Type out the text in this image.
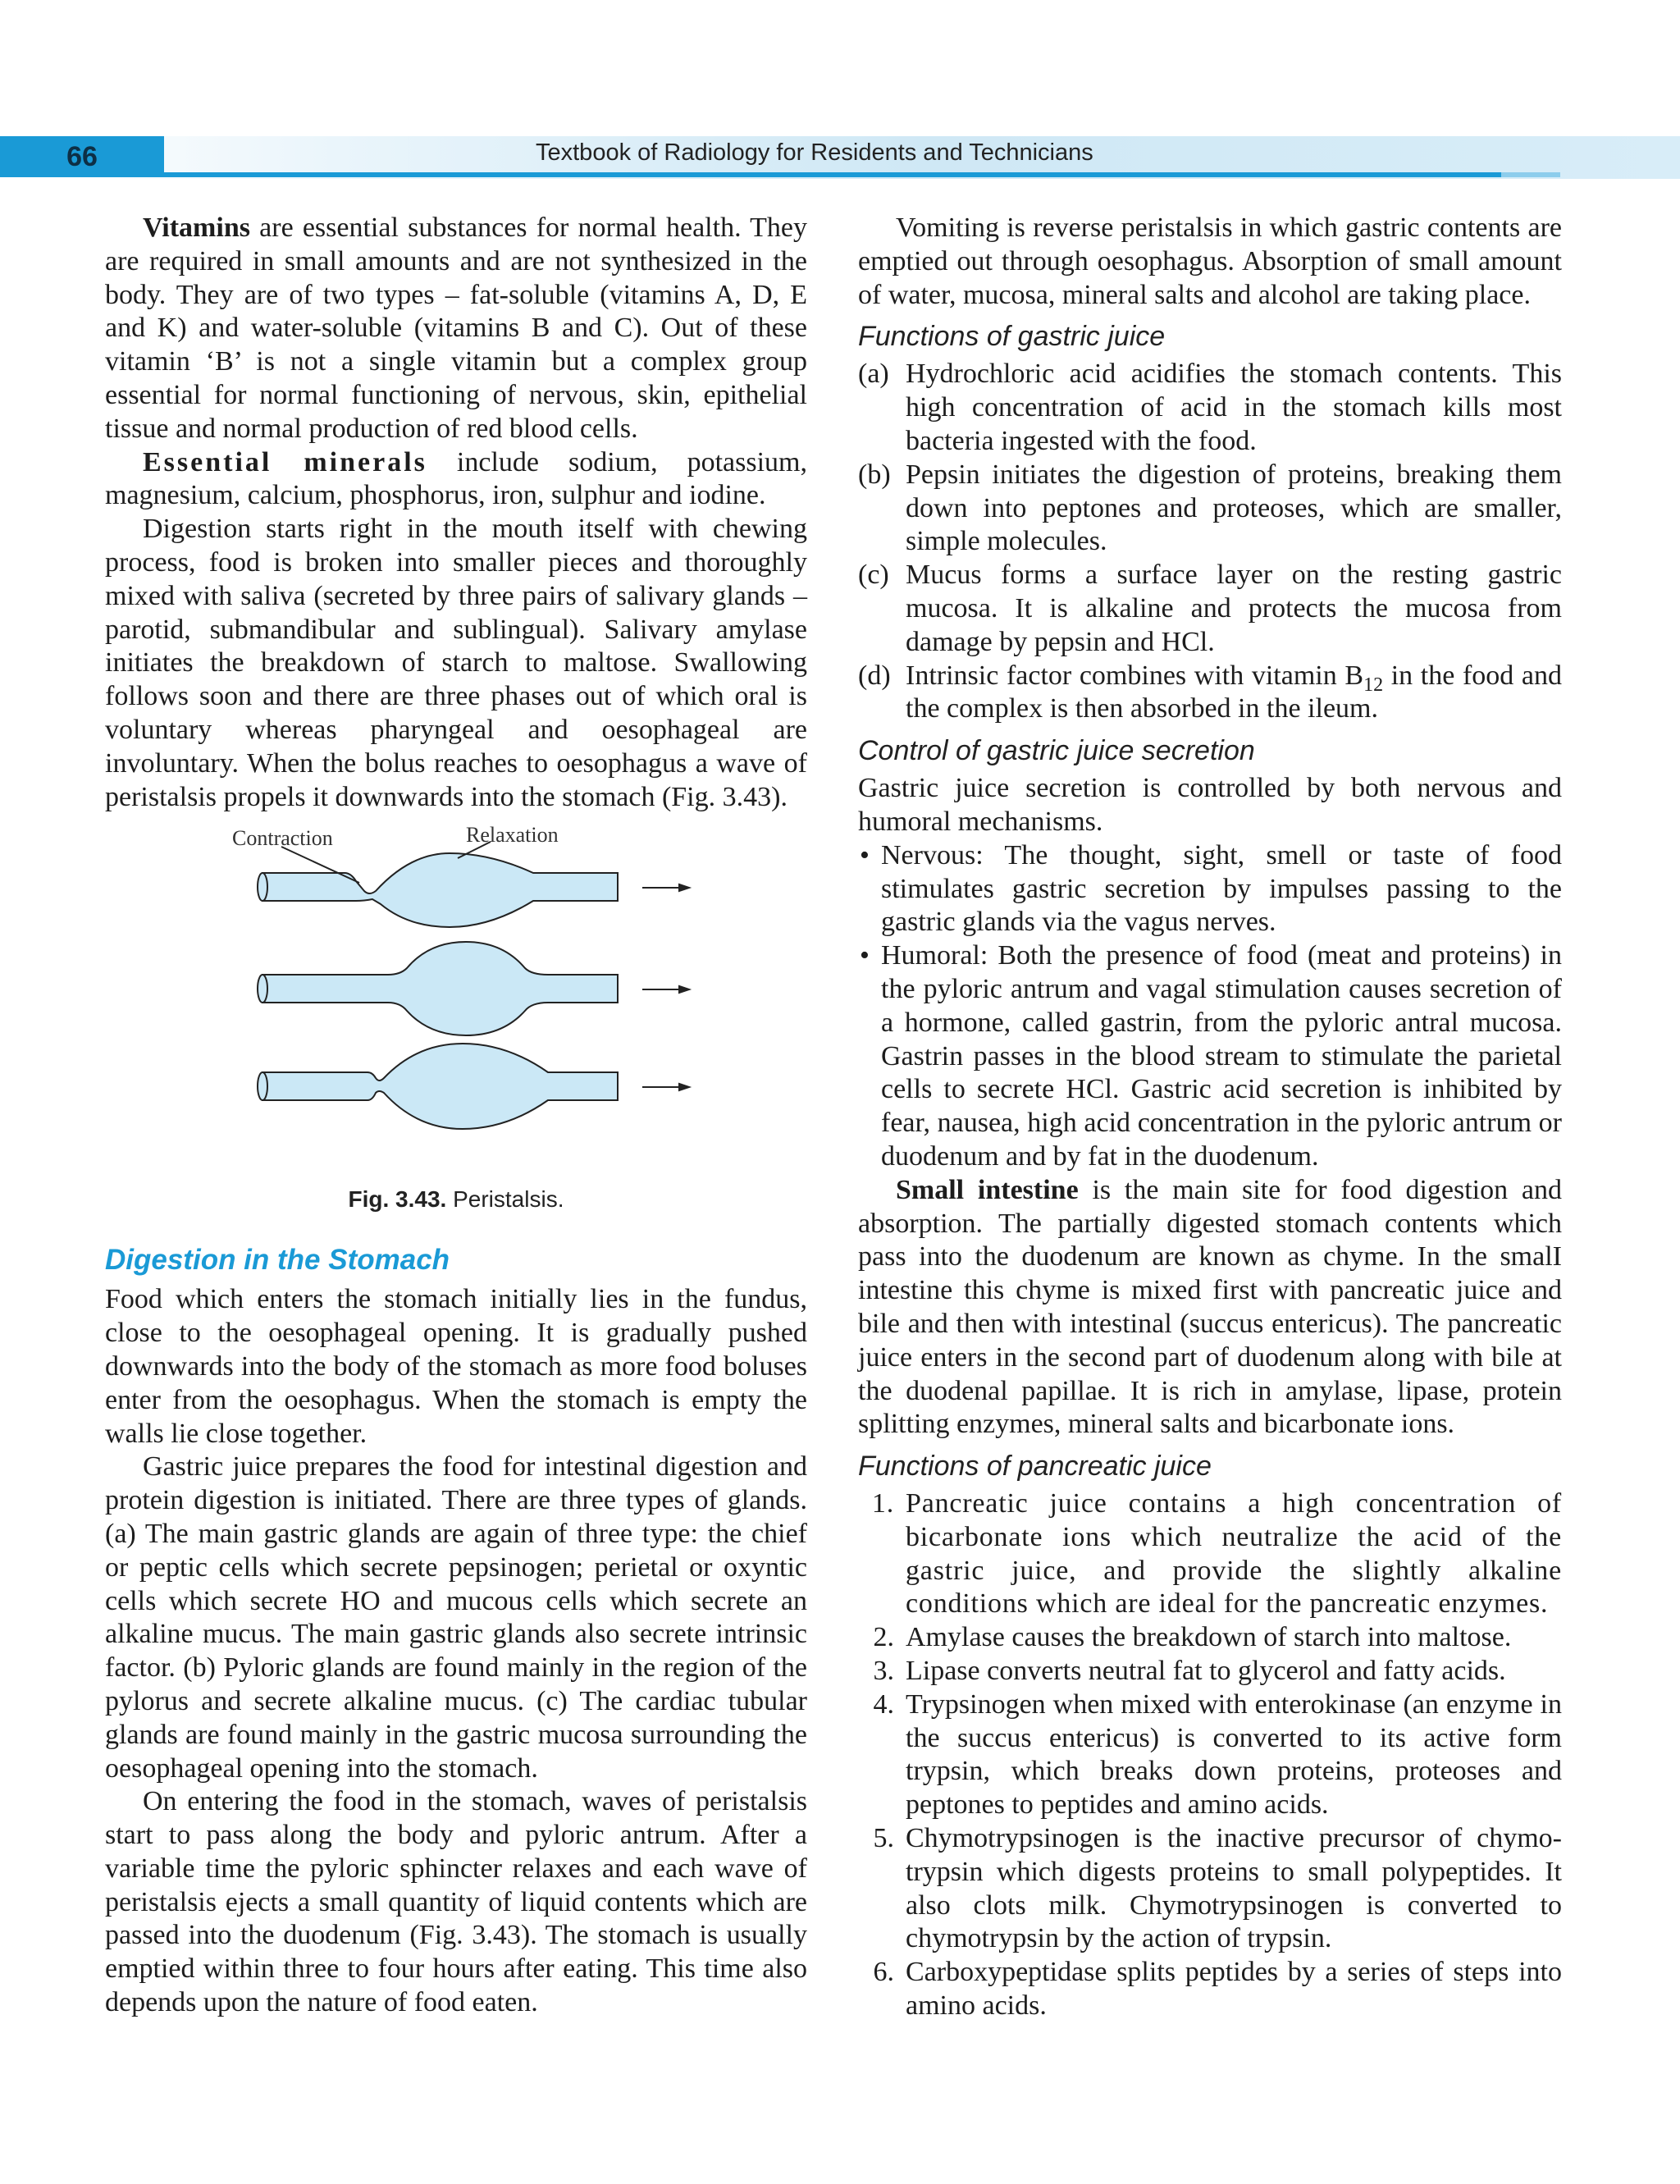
66	Textbook of Radiology for Residents and Technicians

Vitamins are essential substances for normal health. They are required in small amounts and are not synthesized in the body. They are of two types – fat-soluble (vitamins A, D, E and K) and water-soluble (vitamins B and C). Out of these vitamin ‘B’ is not a single vitamin but a complex group essential for normal functioning of nervous, skin, epithelial tissue and normal production of red blood cells.

Essential minerals include sodium, potassium, magnesium, calcium, phosphorus, iron, sulphur and iodine.

Digestion starts right in the mouth itself with chewing process, food is broken into smaller pieces and thoroughly mixed with saliva (secreted by three pairs of salivary glands – parotid, submandibular and sublingual). Salivary amylase initiates the breakdown of starch to maltose. Swallowing follows soon and there are three phases out of which oral is voluntary whereas pharyngeal and oesophageal are involuntary. When the bolus reaches to oesophagus a wave of peristalsis propels it downwards into the stomach (Fig. 3.43).

Contraction	Relaxation
Fig. 3.43. Peristalsis.
Digestion in the Stomach

Food which enters the stomach initially lies in the fundus, close to the oesophageal opening. It is gradually pushed downwards into the body of the stomach as more food boluses enter from the oesophagus. When the stomach is empty the walls lie close together.

Gastric juice prepares the food for intestinal digestion and protein digestion is initiated. There are three types of glands. (a) The main gastric glands are again of three type: the chief or peptic cells which secrete pepsinogen; perietal or oxyntic cells which secrete HO and mucous cells which secrete an alkaline mucus. The main gastric glands also secrete intrinsic factor. (b) Pyloric glands are found mainly in the region of the pylorus and secrete alkaline mucus. (c) The cardiac tubular glands are found mainly in the gastric mucosa surrounding the oesophageal opening into the stomach.

On entering the food in the stomach, waves of peristalsis start to pass along the body and pyloric antrum. After a variable time the pyloric sphincter relaxes and each wave of peristalsis ejects a small quantity of liquid contents which are passed into the duodenum (Fig. 3.43). The stomach is usually emptied within three to four hours after eating. This time also depends upon the nature of food eaten.

Vomiting is reverse peristalsis in which gastric contents are emptied out through oesophagus. Absorption of small amount of water, mucosa, mineral salts and alcohol are taking place.

Functions of gastric juice
(a) Hydrochloric acid acidifies the stomach contents. This high concentration of acid in the stomach kills most bacteria ingested with the food.
(b) Pepsin initiates the digestion of proteins, breaking them down into peptones and proteoses, which are smaller, simple molecules.
(c) Mucus forms a surface layer on the resting gastric mucosa. It is alkaline and protects the mucosa from damage by pepsin and HCl.
(d) Intrinsic factor combines with vitamin $B_{12}$ in the food and the complex is then absorbed in the ileum.
Control of gastric juice secretion

Gastric juice secretion is controlled by both nervous and humoral mechanisms.

• Nervous: The thought, sight, smell or taste of food stimulates gastric secretion by impulses passing to the gastric glands via the vagus nerves.
• Humoral: Both the presence of food (meat and proteins) in the pyloric antrum and vagal stimulation causes secretion of a hormone, called gastrin, from the pyloric antral mucosa. Gastrin passes in the blood stream to stimulate the parietal cells to secrete HCl. Gastric acid secretion is inhibited by fear, nausea, high acid concentration in the pyloric antrum or duodenum and by fat in the duodenum.

Small intestine is the main site for food digestion and absorption. The partially digested stomach contents which pass into the duodenum are known as chyme. In the smalI intestine this chyme is mixed first with pancreatic juice and bile and then with intestinal (succus entericus). The pancreatic juice enters in the second part of duodenum along with bile at the duodenal papillae. It is rich in amylase, lipase, protein splitting enzymes, mineral salts and bicarbonate ions.

Functions of pancreatic juice
1. Pancreatic juice contains a high concentration of bicarbonate ions which neutralize the acid of the gastric juice, and provide the slightly alkaline conditions which are ideal for the pancreatic enzymes.
2. Amylase causes the breakdown of starch into maltose.
3. Lipase converts neutral fat to glycerol and fatty acids.
4. Trypsinogen when mixed with enterokinase (an enzyme in the succus entericus) is converted to its active form trypsin, which breaks down proteins, proteoses and peptones to peptides and amino acids.
5. Chymotrypsinogen is the inactive precursor of chymo-trypsin which digests proteins to small polypeptides. It also clots milk. Chymotrypsinogen is converted to chymotrypsin by the action of trypsin.
6. Carboxypeptidase splits peptides by a series of steps into amino acids.
